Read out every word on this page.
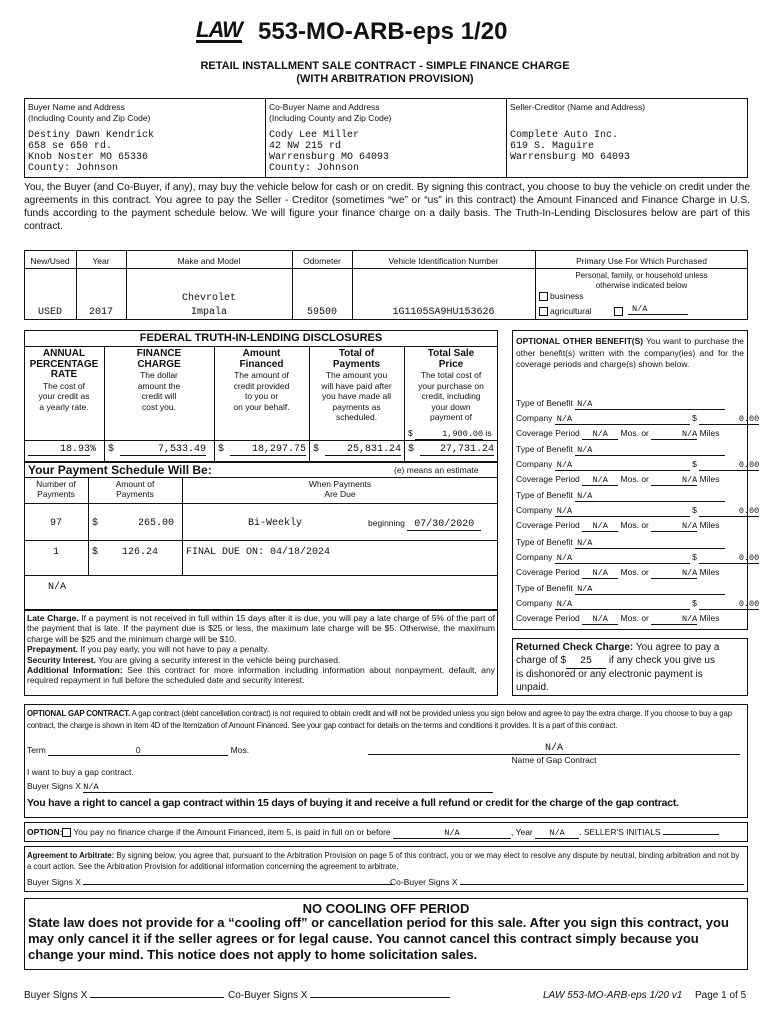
LAW 553-MO-ARB-eps 1/20
RETAIL INSTALLMENT SALE CONTRACT - SIMPLE FINANCE CHARGE
(WITH ARBITRATION PROVISION)
Buyer Name and Address
(Including County and Zip Code)
Destiny Dawn Kendrick
658 se 650 rd.
Knob Noster MO 65336
County: Johnson
Co-Buyer Name and Address
(Including County and Zip Code)
Cody Lee Miller
42 NW 215 rd
Warrensburg MO 64093
County: Johnson
Seller-Creditor (Name and Address)
Complete Auto Inc.
619 S. Maguire
Warrensburg MO 64093
You, the Buyer (and Co-Buyer, if any), may buy the vehicle below for cash or on credit. By signing this contract, you choose to buy the vehicle on credit under the agreements in this contract. You agree to pay the Seller - Creditor (sometimes “we” or “us” in this contract) the Amount Financed and Finance Charge in U.S. funds according to the payment schedule below. We will figure your finance charge on a daily basis. The Truth-In-Lending Disclosures below are part of this contract.
New/Used	Year	Make and Model	Odometer	Vehicle Identification Number	Primary Use For Which Purchased
Personal, family, or household unless
otherwise indicated below
business
agricultural	N/A
USED	2017
Chevrolet
Impala	59500	1G1105SA9HU153626
FEDERAL TRUTH-IN-LENDING DISCLOSURES
ANNUAL
PERCENTAGE
RATE
The cost of
your credit as
a yearly rate.
FINANCE
CHARGE
The dollar
amount the
credit will
cost you.
Amount
Financed
The amount of
credit provided
to you or
on your behalf.
Total of
Payments
The amount you
will have paid after
you have made all
payments as
scheduled.
Total Sale
Price
The total cost of
your purchase on
credit, including
your down
payment of
$	1,900.00 is
18.93%	$	7,533.49 $	18,297.75 $	25,831.24 $	27,731.24
Your Payment Schedule Will Be:	(e) means an estimate
Number of
Payments
Amount of
Payments
When Payments
Are Due
97	$	265.00	Bi-Weekly	beginning 07/30/2020
1	$ 126.24	FINAL DUE ON: 04/18/2024
N/A
Late Charge. If a payment is not received in full within 15 days after it is due, you will pay a late charge of 5% of the part of the payment that is late. If the payment due is $25 or less, the maximum late charge will be $5. Otherwise, the maximum charge will be $25 and the minimum charge will be $10.
Prepayment. If you pay early, you will not have to pay a penalty.
Security Interest. You are giving a security interest in the vehicle being purchased.
Additional Information: See this contract for more information including information about nonpayment, default, any required repayment in full before the scheduled date and security interest.
OPTIONAL OTHER BENEFIT(S) You want to purchase the other benefit(s) written with the company(ies) and for the coverage periods and charge(s) shown below.
Type of Benefit N/A
Company N/A	$	0.00
Coverage Period N/A Mos. or	N/A Miles
Type of Benefit N/A
Company N/A	$	0.00
Coverage Period N/A Mos. or	N/A Miles
Type of Benefit N/A
Company N/A	$	0.00
Coverage Period N/A Mos. or	N/A Miles
Type of Benefit N/A
Company N/A	$	0.00
Coverage Period N/A Mos. or	N/A Miles
Type of Benefit N/A
Company N/A	$	0.00
Coverage Period N/A Mos. or	N/A Miles
Returned Check Charge: You agree to pay a
charge of $ 25 if any check you give us
is dishonored or any electronic payment is
unpaid.
OPTIONAL GAP CONTRACT. A gap contract (debt cancellation contract) is not required to obtain credit and will not be provided unless you sign below and agree to pay the extra charge. If you choose to buy a gap contract, the charge is shown in Item 4D of the Itemization of Amount Financed. See your gap contract for details on the terms and conditions it provides. It is a part of this contract.
Term	0	Mos.	N/A
Name of Gap Contract
I want to buy a gap contract.
Buyer Signs X N/A
You have a right to cancel a gap contract within 15 days of buying it and receive a full refund or credit for the charge of the gap contract.
OPTION: You pay no finance charge if the Amount Financed, item 5, is paid in full on or before	N/A	, Year N/A . SELLER'S INITIALS
Agreement to Arbitrate: By signing below, you agree that, pursuant to the Arbitration Provision on page 5 of this contract, you or we may elect to resolve any dispute by neutral, binding arbitration and not by a court action. See the Arbitration Provision for additional information concerning the agreement to arbitrate.
Buyer Signs X	Co-Buyer Signs X
NO COOLING OFF PERIOD
State law does not provide for a “cooling off” or cancellation period for this sale. After you sign this contract, you may only cancel it if the seller agrees or for legal cause. You cannot cancel this contract simply because you change your mind. This notice does not apply to home solicitation sales.
Buyer Signs X	Co-Buyer Signs X	LAW 553-MO-ARB-eps 1/20 v1 Page 1 of 5
